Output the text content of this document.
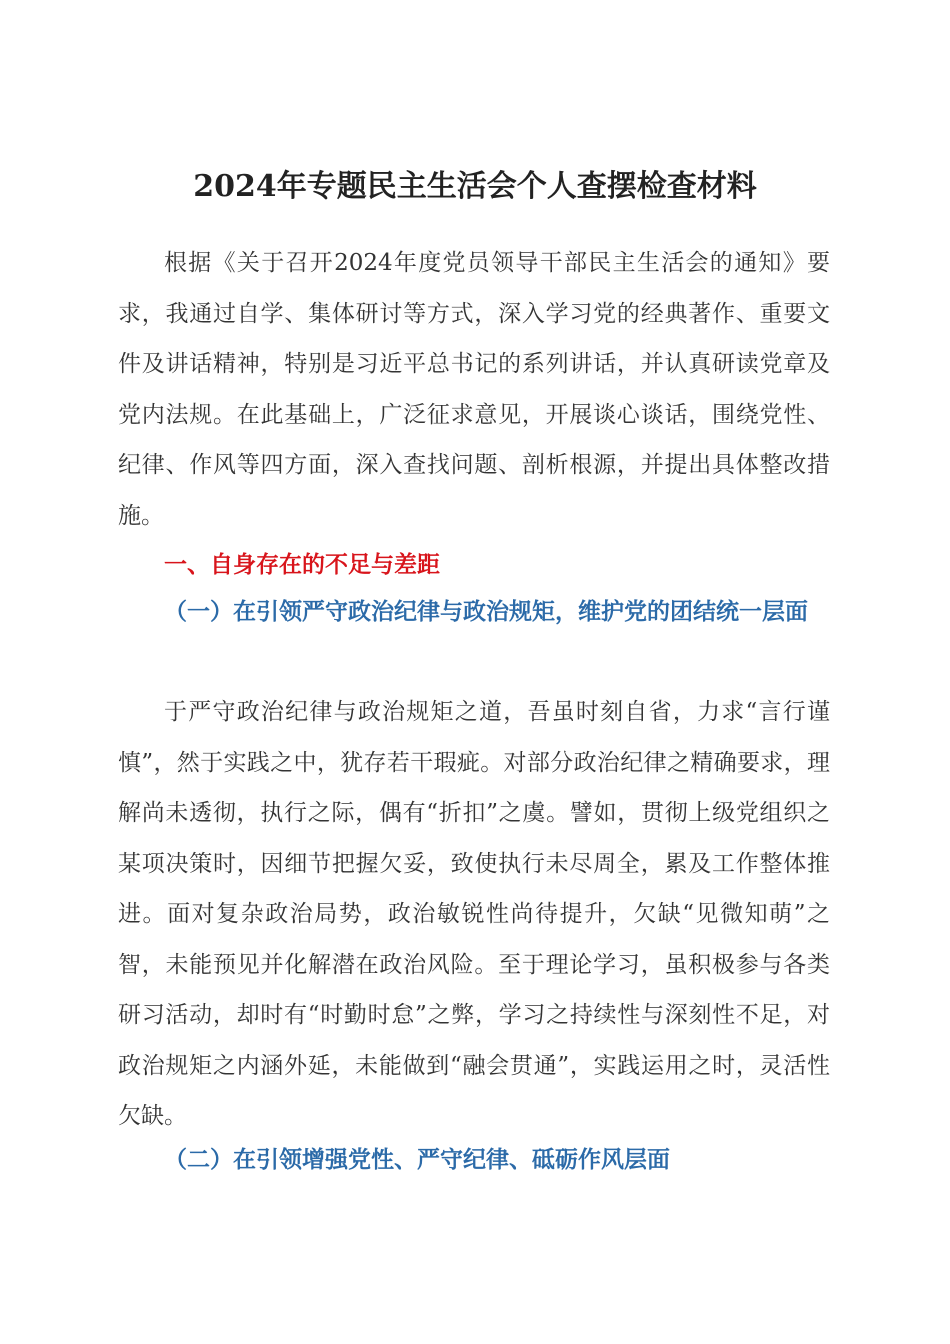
2024年专题民主生活会个人查摆检查材料

根据《关于召开2024年度党员领导干部民主生活会的通知》要求，我通过自学、集体研讨等方式，深入学习党的经典著作、重要文件及讲话精神，特别是习近平总书记的系列讲话，并认真研读党章及党内法规。在此基础上，广泛征求意见，开展谈心谈话，围绕党性、纪律、作风等四方面，深入查找问题、剖析根源，并提出具体整改措施。

一、自身存在的不足与差距
（一）在引领严守政治纪律与政治规矩，维护党的团结统一层面

于严守政治纪律与政治规矩之道，吾虽时刻自省，力求“言行谨慎”，然于实践之中，犹存若干瑕疵。对部分政治纪律之精确要求，理解尚未透彻，执行之际，偶有“折扣”之虞。譬如，贯彻上级党组织之某项决策时，因细节把握欠妥，致使执行未尽周全，累及工作整体推进。面对复杂政治局势，政治敏锐性尚待提升，欠缺“见微知萌”之智，未能预见并化解潜在政治风险。至于理论学习，虽积极参与各类研习活动，却时有“时勤时怠”之弊，学习之持续性与深刻性不足，对政治规矩之内涵外延，未能做到“融会贯通”，实践运用之时，灵活性欠缺。

（二）在引领增强党性、严守纪律、砥砺作风层面
